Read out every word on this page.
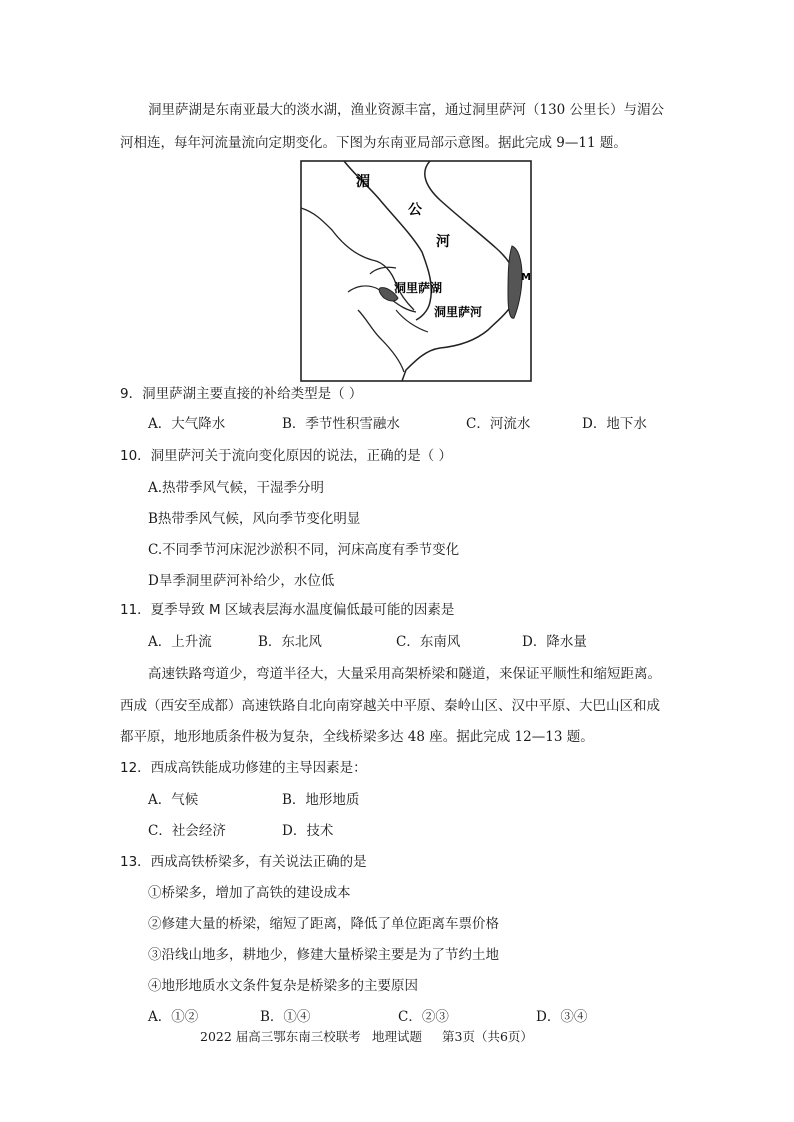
洞里萨湖是东南亚最大的淡水湖，渔业资源丰富，通过洞里萨河（130 公里长）与湄公
河相连，每年河流量流向定期变化。下图为东南亚局部示意图。据此完成 9—11 题。
湄
公
河
洞里萨湖
洞里萨河
M
9．洞里萨湖主要直接的补给类型是（ ）
A．大气降水	B．季节性积雪融水	C．河流水	D．地下水
10．洞里萨河关于流向变化原因的说法，正确的是（ ）
A.热带季风气候，干湿季分明
B热带季风气候，风向季节变化明显
C.不同季节河床泥沙淤积不同，河床高度有季节变化
D旱季洞里萨河补给少，水位低
11．夏季导致 M 区域表层海水温度偏低最可能的因素是
A．上升流	B．东北风	C．东南风	D．降水量
高速铁路弯道少，弯道半径大，大量采用高架桥梁和隧道，来保证平顺性和缩短距离。
西成（西安至成都）高速铁路自北向南穿越关中平原、秦岭山区、汉中平原、大巴山区和成
都平原，地形地质条件极为复杂，全线桥梁多达 48 座。据此完成 12—13 题。
12．西成高铁能成功修建的主导因素是：
A．气候	B．地形地质
C．社会经济	D．技术
13．西成高铁桥梁多，有关说法正确的是
①桥梁多，增加了高铁的建设成本
②修建大量的桥梁，缩短了距离，降低了单位距离车票价格
③沿线山地多，耕地少，修建大量桥梁主要是为了节约土地
④地形地质水文条件复杂是桥梁多的主要原因
A．①②	B．①④	C．②③	D．③④
2022 届高三鄂东南三校联考 地理试题 第3页（共6页）
